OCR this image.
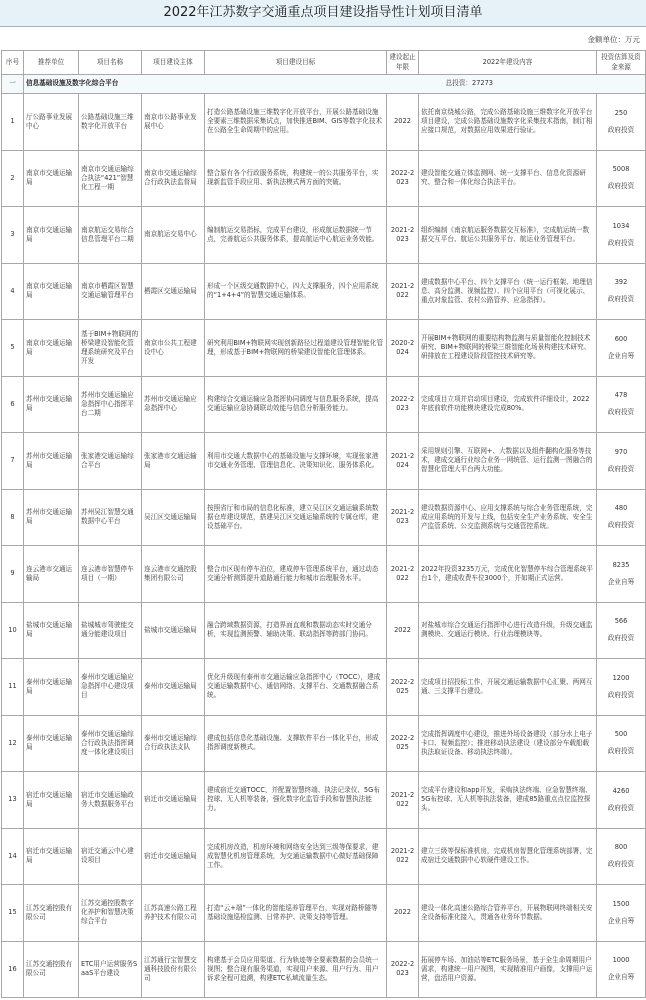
2022年江苏数字交通重点项目建设指导性计划项目清单
金额单位：万元
序号	推荐单位	项目名称	项目建设主体	项目建设目标	建设起止年限	2022年建设内容	投资估算及资金来源
一	信息基础设施及数字化综合平台 总投资：27273						

1	厅公路事业发展中心	公路基础设施三维数字化开放平台	南京市公路事业发展中心	打造公路基础设施三维数字化开放平台，开展公路基础设施全要素三维数据采集试点，加快推进BIM、GIS等数字化技术在公路全生命周期中的应用。	2022	依托南京绕城公路，完成公路基础设施三维数字化开放平台项目建设，完成公路基础设施数字化采集技术指南，制订相应接口规范，对数据应用效果进行验证。	250
政府投资

2	南京市交通运输局	南京市交通运输综合执法“421”智慧化工程一期	南京市交通运输综合行政执法监督局	整合原有各个行政服务系统，构建统一的公共服务平台，实现新监管手段应用、新执法模式两方面的突破。	2022-2023	建设智能交通立体监测网、统一支撑平台、信息化资源研究、整合和一体化综合执法平台。	5008
政府投资

3	南京市交通运输局	南京航运交易综合信息管理平台二期	南京航运交易中心	编制航运交易指标，完成平台建设，形成航运数据统一节点，完善航运公共服务体系，提高航运中心航运业务效能。	2021-2023	组织编制《南京航运服务数据交互标准》，完成航运统一数据交互平台、航运公共服务平台、航运业务管理平台。	1034
政府投资

4	南京市交通运输局	南京市栖霞区智慧交通运输管理平台	栖霞区交通运输局	形成一个区级交通数据中心，四大支撑服务，四个应用系统的“1+4+4”的智慧交通运输体系。	2021-2022	建成数据中心平台、四个支撑平台（统一运行框架、地理信息、高分监测、视频监控）、四个应用平台（可视化展示、重点对象监管、农村公路管养、应急指挥）。	392
政府投资

5	南京市交通运输局	基于BIM+物联网的桥梁建设智能化管理系统研究及平台开发	南京市公共工程建设中心	研究利用BIM+物联网实现创新路径过程道建设管理智能化管理，形成基于BIM+物联网的桥梁建设智能化管理体系。	2020-2024	开展BIM+物联网的重要结构物监测与质量智能化控制技术研究、BIM+物联网的桥梁三维智能化场景构建技术研究、研排放在工程建设阶段管控技术研究等。	600
企业自筹

6	苏州市交通运输局	苏州市交通运输应急指挥中心指挥平台二期	苏州市交通运输应急指挥中心	构建综合交通运输应急指挥协同调度与信息服务系统，提高交通运输应急协调联动效能与信息分析服务能力。	2022-2023	完成项目立项并启动项目建设，完成软件详细设计，2022年底前软件功能模块建设完成80%。	478
政府投资

7	苏州市交通运输局	张家港交通运输综合平台	张家港市交通运输局	利用市交通大数据中心的基础设施与支撑环境，实现张家港市交通业务管理、管理信息化、决策知识化、服务体系化。	2021-2024	采用规则引擎、互联网+、大数据以及组件翻构化服务等技术，建成交通行业综合业务一网统管、运行监测一图融合的智慧化管理大平台两大功能。	970
政府投资

8	苏州市交通运输局	苏州吴江智慧交通数据中心平台	吴江区交通运输局	按照省厅和市局的信息化标准，建立吴江区交通运输系统数据仓库建设规范，搭建吴江区交通运输系统的专属仓库，建设基础平台。	2021-2023	建设数据资源中心、应用支撑系统与综合业务管理系统，完成应用系统的开发与上线，包括安全生产业务系统、安全生产监管系统、公交监测系统与交通管控系统。	480
政府投资

9	连云港市交通运输局	连云港市智慧停车项目（一期）	连云港市交通控股集团有限公司	整合市区现有停车泊位，建成停车管理系统平台，通过动态交通分析测算提升道路通行能力和城市治理服务水平。	2021-2022	2022年投资3235万元，完成优化智慧停车综合管理系统平台1个，建成收费车位3000个，并如期正式运营。	8235
企业自筹

10	盐城市交通运输局	盐城城市驾驶能交通分能建设项目	盐城市交通运输局	融合跨域数据资源，打造界面直观和数据动态实时交通分析，实现监测预警、辅助决策、联动指挥等跨部门协同。	2022	对盐城市综合交通运行指挥中心进行改造升级，升级交通监测模块、交通运行模块、行业治理模块等。	566
政府投资

11	泰州市交通运输局	泰州市交通运输应急指挥中心建设项目	泰州市交通运输局	优化升级现有泰州市交通运输应急指挥中心（TOCC），建成交通运输数据中心、通信网络、支撑平台、交通数据融合系统。	2022-2025	完成项目招投标工作，开展交通运输数据中心汇聚、两网互通、三支撑平台建设。	1200
政府投资

12	泰州市交通运输局	泰州市交通运输综合行政执法指挥调度一体化建设项目	泰州市交通运输综合行政执法支队	建成包括信息化基础设施、支撑软件平台一体化平台，形成指挥调度新模式。	2022-2025	完成指挥调度中心建设，推进外场设备建设（部分水上电子卡口、视频监控）；推进移动执法建设（建设部分车载船载执法取证设备、移动执法终端）。	500
政府投资

13	宿迁市交通运输局	宿迁市交通运输政务大数据服务平台	宿迁市交通运输局	建成宿迁交通TOCC，并配置智慧终端、执法记录仪、5G布控球、无人机等装备，强化数字化监管手段和智慧执法能力。	2021-2022	完成平台建设和app开发，采购执法终端、应急智慧终端、5G布控球、无人机等执法装备，建成85路重点点位监控探头。	4260
政府投资

14	宿迁市交通运输局	宿迁交通云中心建设项目	宿迁市交通运输局	完成机房改造，机房环境和网络安全达到三级等保要求，建成智慧化机房管理系统，为交通运输数据中心做好基础保障工作。	2021-2022	建立三级等保标准机房，完成机房智慧化管理系统部署，完成宿迁交通数据中心软硬件建设工作。	800
政府投资

15	江苏交通控股有限公司	江苏交通控股数字化养护和智慧决策综合平台	江苏高速公路工程养护技术有限公司	打造“云+端”一体化的智能巡养管理平台，实现对路桥隧等基础设施巡检监测、日常养护、决策支持等管理。	2022	建设一体化高速公路综合管养平台，开展物联网终端相关安全设备标准化接入，贯通各业务环节数据。	1500
企业自筹

16	江苏交通控股有限公司	ETC用户运营服务SaaS平台建设	江苏通行宝智慧交通科技股份有限公司	构建基于会员应用渠道、行为轨迹等全要素数据的会员统一视图；整合现有服务渠道，实现用户来源、用户行为、用户诉求全程可追溯，构建ETC私域流量生态。	2022-2023	拓展停车场、加油站等ETC服务场景，基于全生命周期用户需求，构建统一用户视图，实现精准用户画像，支撑用户运营，盘活用户资源。	1000
企业自筹
